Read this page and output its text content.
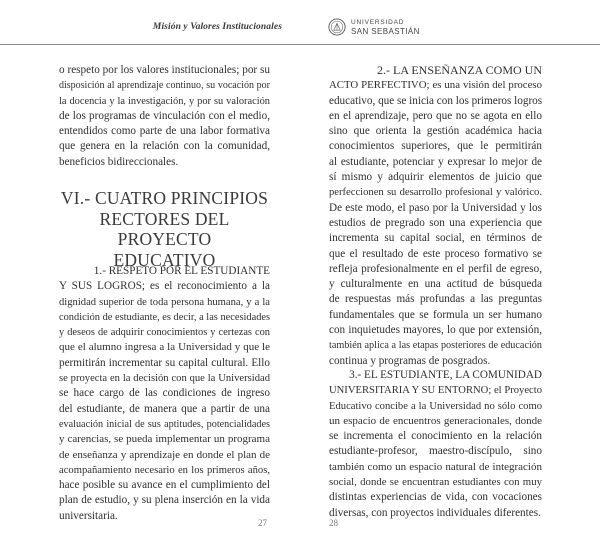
Misión y Valores Institucionales
o respeto por los valores institucionales; por su
disposición al aprendizaje continuo, su vocación por
la docencia y la investigación, y por su valoración
de los programas de vinculación con el medio,
entendidos como parte de una labor formativa
que genera en la relación con la comunidad,
beneficios bidireccionales.
VI.- CUATRO PRINCIPIOS
RECTORES DEL PROYECTO
EDUCATIVO
1.- RESPETO POR EL ESTUDIANTE
Y SUS LOGROS; es el reconocimiento a la
dignidad superior de toda persona humana, y a la
condición de estudiante, es decir, a las necesidades
y deseos de adquirir conocimientos y certezas con
que el alumno ingresa a la Universidad y que le
permitirán incrementar su capital cultural. Ello
se proyecta en la decisión con que la Universidad
se hace cargo de las condiciones de ingreso
del estudiante, de manera que a partir de una
evaluación inicial de sus aptitudes, potencialidades
y carencias, se pueda implementar un programa
de enseñanza y aprendizaje en donde el plan de
acompañamiento necesario en los primeros años,
hace posible su avance en el cumplimiento del
plan de estudio, y su plena inserción en la vida
universitaria.
27
UNIVERSIDAD
SAN SEBASTIÁN
2.- LA ENSEÑANZA COMO UN
ACTO PERFECTIVO; es una visión del proceso
educativo, que se inicia con los primeros logros
en el aprendizaje, pero que no se agota en ello
sino que orienta la gestión académica hacia
conocimientos superiores, que le permitirán
al estudiante, potenciar y expresar lo mejor de
sí mismo y adquirir elementos de juicio que
perfeccionen su desarrollo profesional y valórico.
De este modo, el paso por la Universidad y los
estudios de pregrado son una experiencia que
incrementa su capital social, en términos de
que el resultado de este proceso formativo se
refleja profesionalmente en el perfil de egreso,
y culturalmente en una actitud de búsqueda
de respuestas más profundas a las preguntas
fundamentales que se formula un ser humano
con inquietudes mayores, lo que por extensión,
también aplica a las etapas posteriores de educación
continua y programas de posgrados.
3.- EL ESTUDIANTE, LA COMUNIDAD
UNIVERSITARIA Y SU ENTORNO; el Proyecto
Educativo concibe a la Universidad no sólo como
un espacio de encuentros generacionales, donde
se incrementa el conocimiento en la relación
estudiante-profesor, maestro-discípulo, sino
también como un espacio natural de integración
social, donde se encuentran estudiantes con muy
distintas experiencias de vida, con vocaciones
diversas, con proyectos individuales diferentes.
28
